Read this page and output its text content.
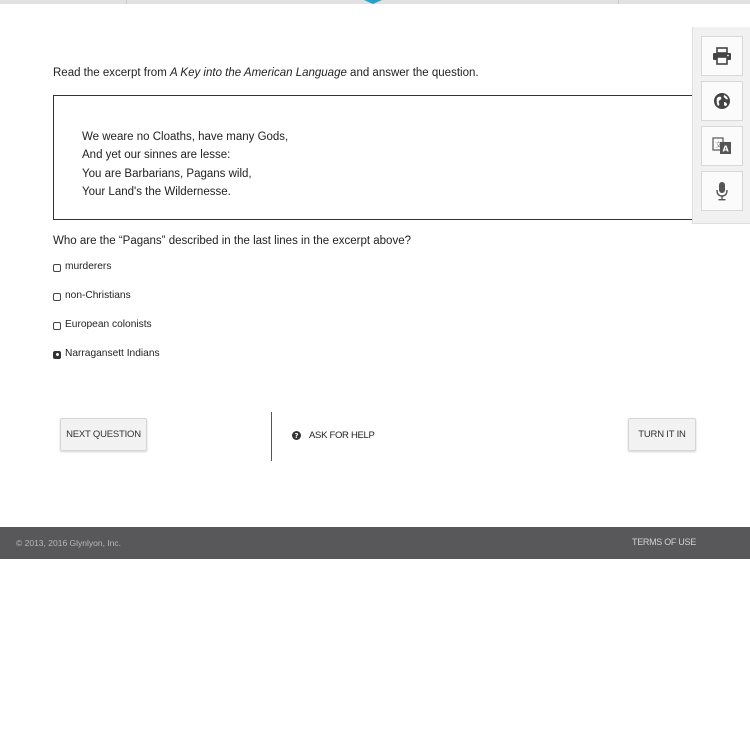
Read the excerpt from A Key into the American Language and answer the question.
We weare no Cloaths, have many Gods,
And yet our sinnes are lesse:
You are Barbarians, Pagans wild,
Your Land's the Wildernesse.
Who are the “Pagans” described in the last lines in the excerpt above?
murderers
non-Christians
European colonists
Narragansett Indians
NEXT QUESTION	? ASK FOR HELP	TURN IT IN
文 A
© 2013, 2016 Glynlyon, Inc.	TERMS OF USE
